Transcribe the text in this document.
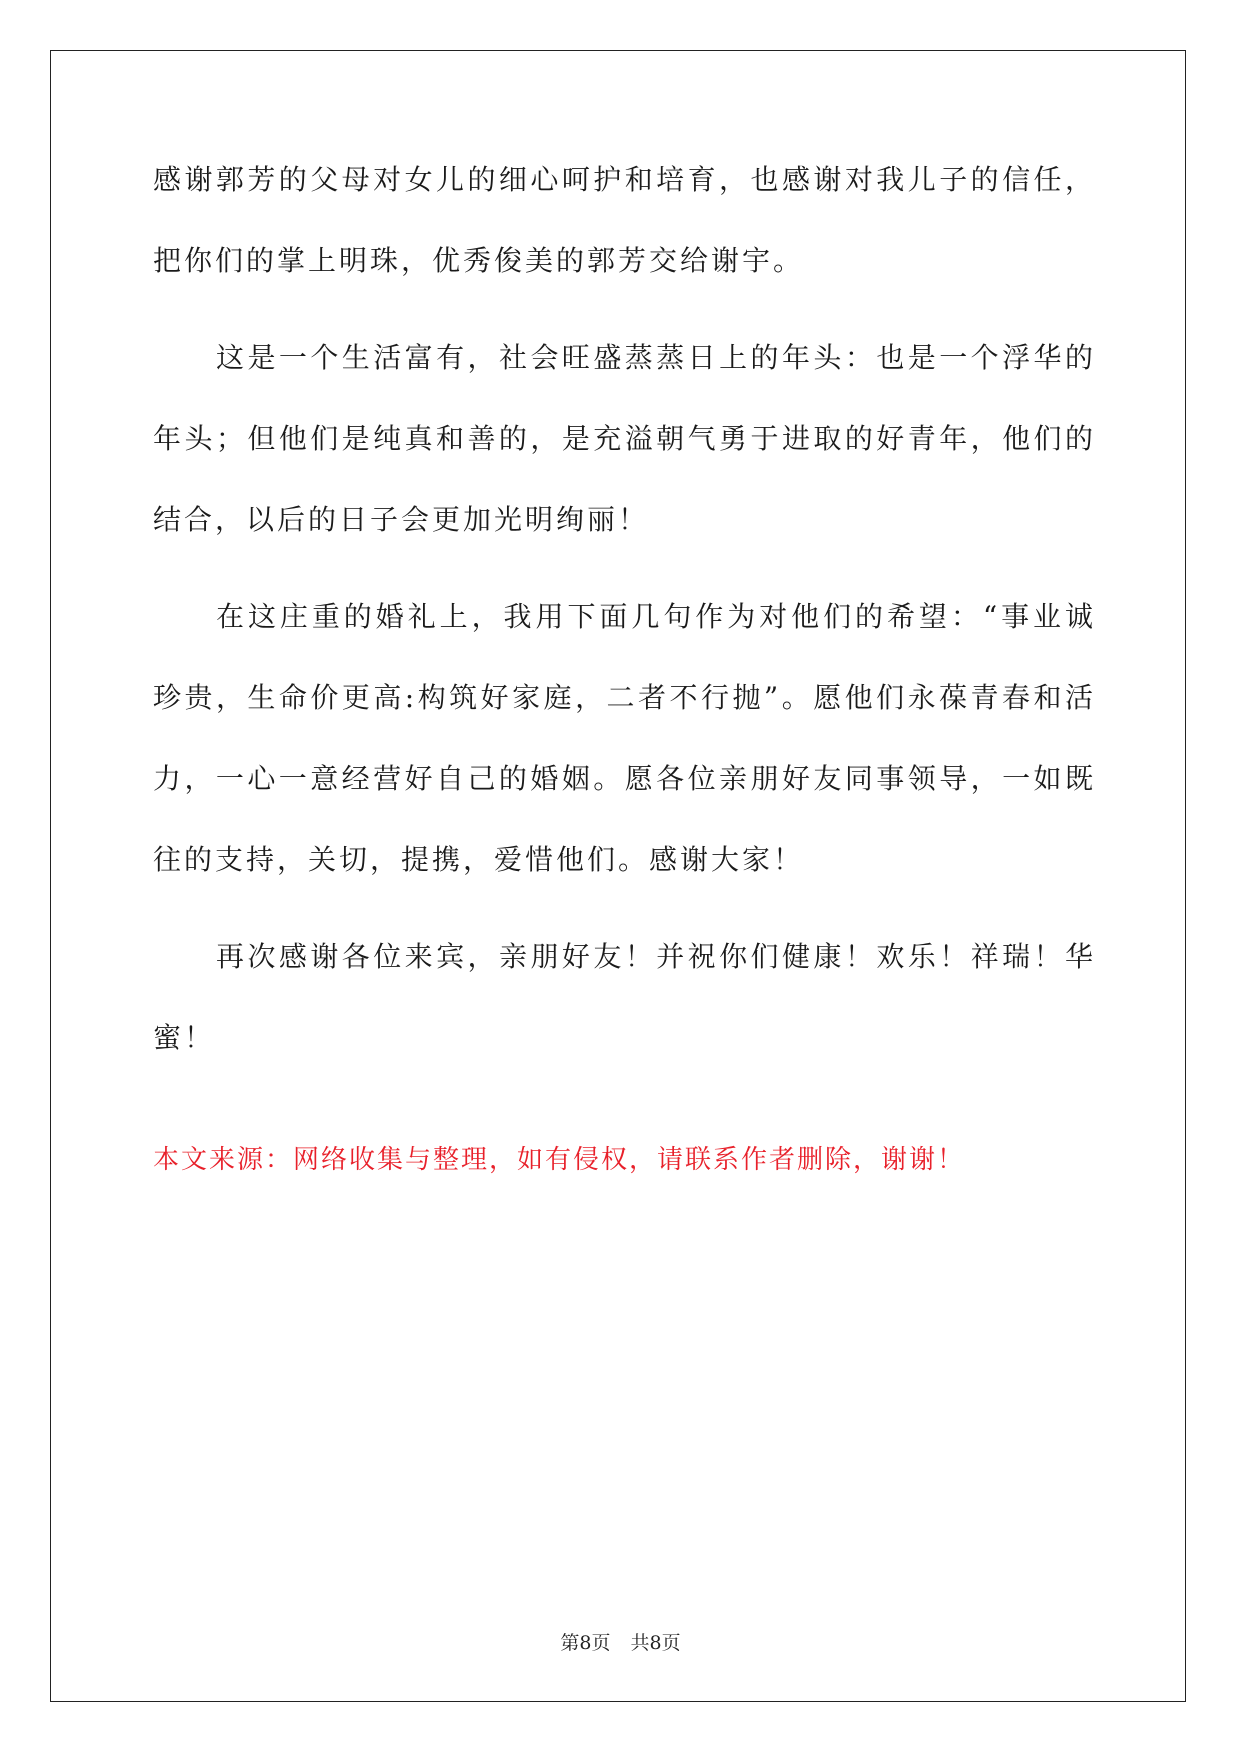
感谢郭芳的父母对女儿的细心呵护和培育，也感谢对我儿子的信任，
把你们的掌上明珠，优秀俊美的郭芳交给谢宇。
这是一个生活富有，社会旺盛蒸蒸日上的年头：也是一个浮华的
年头；但他们是纯真和善的，是充溢朝气勇于进取的好青年，他们的
结合，以后的日子会更加光明绚丽！
在这庄重的婚礼上，我用下面几句作为对他们的希望：“事业诚
珍贵，生命价更高:构筑好家庭，二者不行抛”。愿他们永葆青春和活
力，一心一意经营好自己的婚姻。愿各位亲朋好友同事领导，一如既
往的支持，关切，提携，爱惜他们。感谢大家！
再次感谢各位来宾，亲朋好友！并祝你们健康！欢乐！祥瑞！华
蜜！
本文来源：网络收集与整理，如有侵权，请联系作者删除，谢谢！
第8页 共8页
